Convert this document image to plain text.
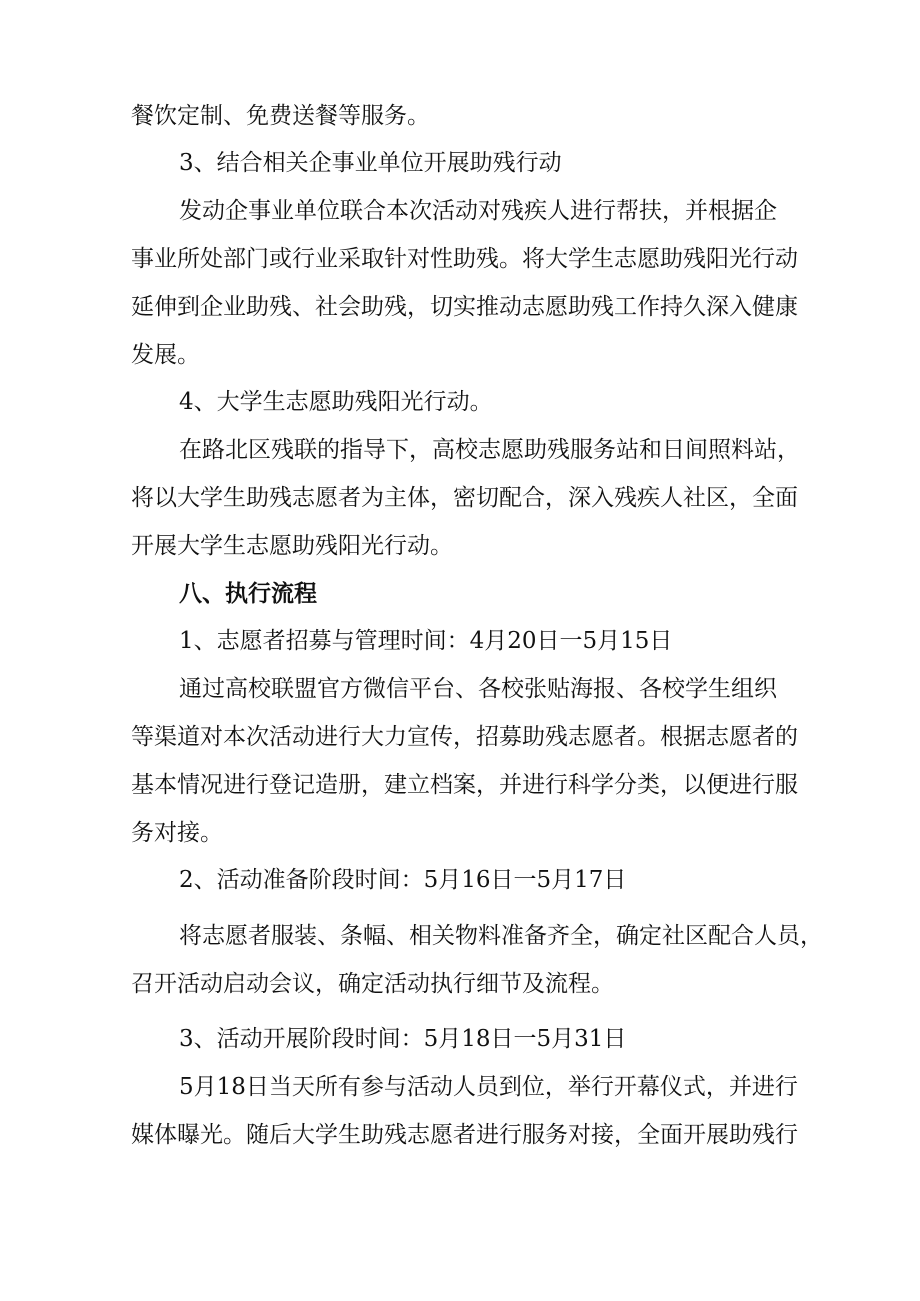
餐饮定制、免费送餐等服务。
3、结合相关企事业单位开展助残行动
发动企事业单位联合本次活动对残疾人进行帮扶，并根据企
事业所处部门或行业采取针对性助残。将大学生志愿助残阳光行动
延伸到企业助残、社会助残，切实推动志愿助残工作持久深入健康
发展。
4、大学生志愿助残阳光行动。
在路北区残联的指导下，高校志愿助残服务站和日间照料站，
将以大学生助残志愿者为主体，密切配合，深入残疾人社区，全面
开展大学生志愿助残阳光行动。
八、执行流程
1、志愿者招募与管理时间：4月20日一5月15日
通过高校联盟官方微信平台、各校张贴海报、各校学生组织
等渠道对本次活动进行大力宣传，招募助残志愿者。根据志愿者的
基本情况进行登记造册，建立档案，并进行科学分类，以便进行服
务对接。
2、活动准备阶段时间：5月16日一5月17日
将志愿者服装、条幅、相关物料准备齐全，确定社区配合人员，
召开活动启动会议，确定活动执行细节及流程。
3、活动开展阶段时间：5月18日一5月31日
5月18日当天所有参与活动人员到位，举行开幕仪式，并进行
媒体曝光。随后大学生助残志愿者进行服务对接，全面开展助残行
